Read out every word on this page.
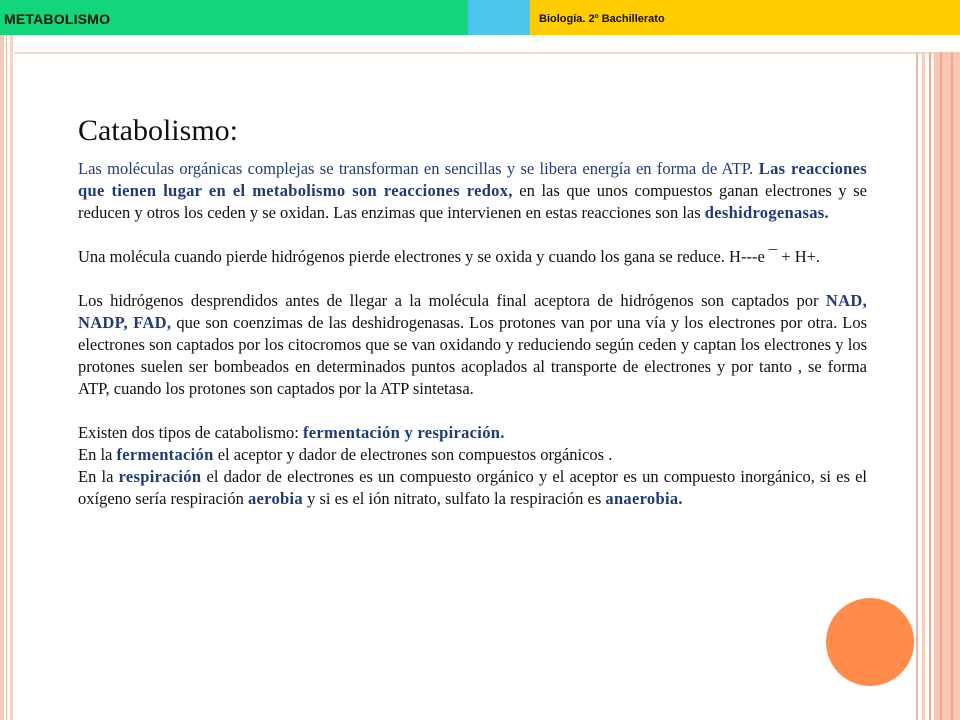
METABOLISMO	Biología. 2º Bachillerato
Catabolismo:

Las moléculas orgánicas complejas se transforman en sencillas y se libera energía en forma de ATP. Las reacciones que tienen lugar en el metabolismo son reacciones redox, en las que unos compuestos ganan electrones y se reducen y otros los ceden y se oxidan. Las enzimas que intervienen en estas reacciones son las deshidrogenasas.

Una molécula cuando pierde hidrógenos pierde electrones y se oxida y cuando los gana se reduce. H---e ¯ + H+.

Los hidrógenos desprendidos antes de llegar a la molécula final aceptora de hidrógenos son captados por NAD, NADP, FAD, que son coenzimas de las deshidrogenasas. Los protones van por una vía y los electrones por otra. Los electrones son captados por los citocromos que se van oxidando y reduciendo según ceden y captan los electrones y los protones suelen ser bombeados en determinados puntos acoplados al transporte de electrones y por tanto , se forma ATP, cuando los protones son captados por la ATP sintetasa.

Existen dos tipos de catabolismo: fermentación y respiración.

En la fermentación el aceptor y dador de electrones son compuestos orgánicos .

En la respiración el dador de electrones es un compuesto orgánico y el aceptor es un compuesto inorgánico, si es el oxígeno sería respiración aerobia y si es el ión nitrato, sulfato la respiración es anaerobia.
